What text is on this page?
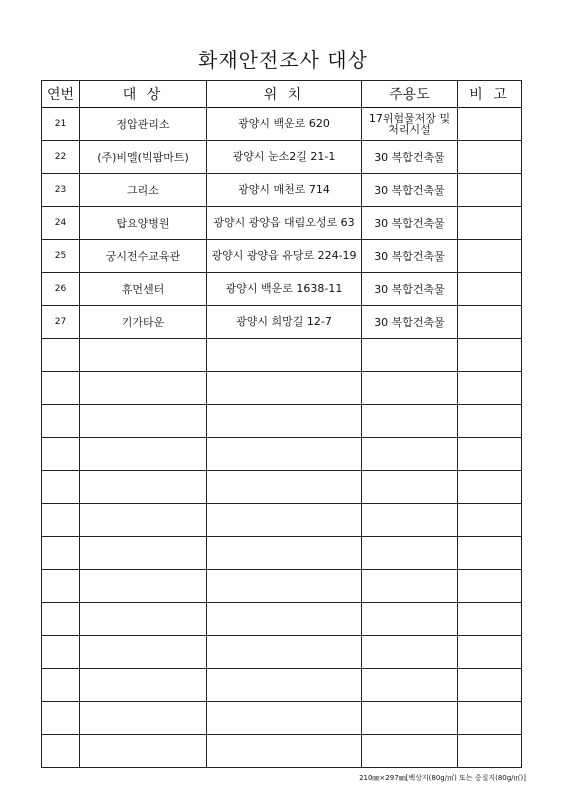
화재안전조사 대상
연번	대 상	위 치	주용도	비 고
21	정압관리소	광양시 백운로 620	17위험물저장 및 처리시설	
22	(주)비엘(빅팜마트)	광양시 눈소2길 21-1	30 복합건축물	
23	그리소	광양시 매천로 714	30 복합건축물	
24	탑요양병원	광양시 광양읍 대림오성로 63	30 복합건축물	
25	궁시전수교육관	광양시 광양읍 유당로 224-19	30 복합건축물	
26	휴먼센터	광양시 백운로 1638-11	30 복합건축물	
27	기가타운	광양시 희망길 12-7	30 복합건축물	

210㎜×297㎜[백상지(80g/㎡) 또는 중질지(80g/㎡)]
